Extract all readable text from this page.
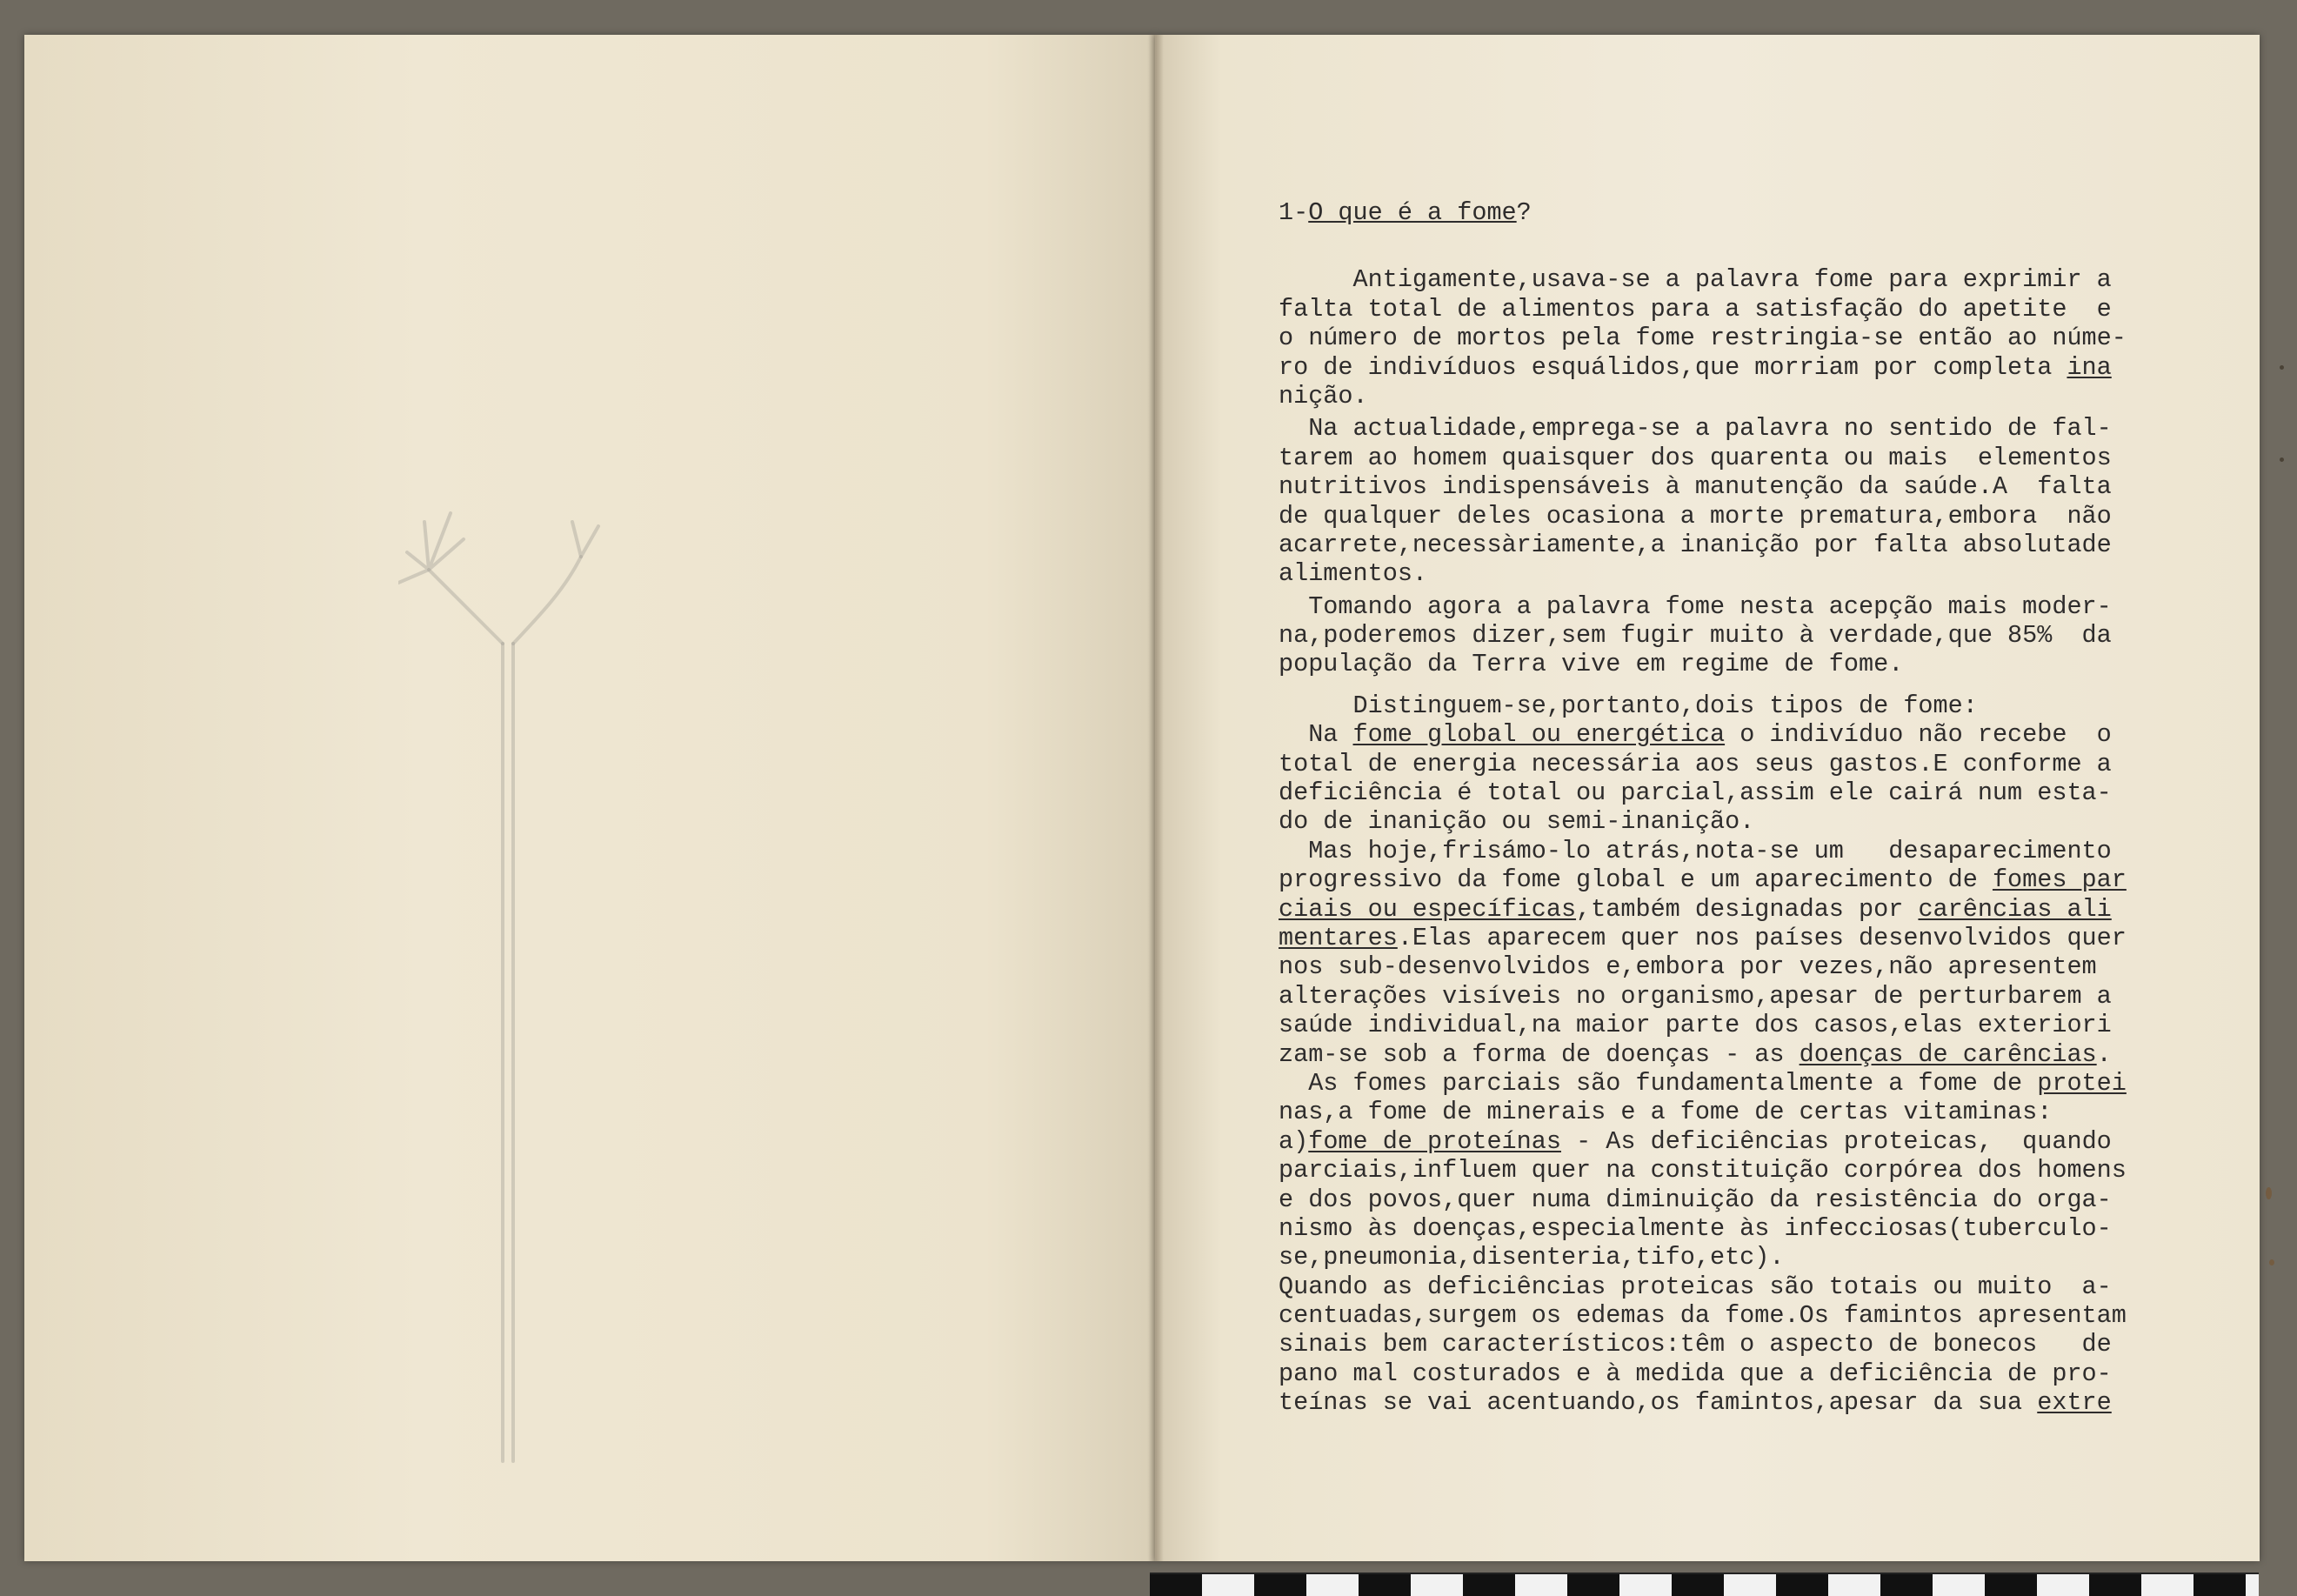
1-O que é a fome?
Antigamente,usava-se a palavra fome para exprimir a
falta total de alimentos para a satisfação do apetite  e
o número de mortos pela fome restringia-se então ao núme-
ro de indivíduos esquálidos,que morriam por completa ina
nição.
Na actualidade,emprega-se a palavra no sentido de fal-
tarem ao homem quaisquer dos quarenta ou mais  elementos
nutritivos indispensáveis à manutenção da saúde.A  falta
de qualquer deles ocasiona a morte prematura,embora  não
acarrete,necessàriamente,a inanição por falta absolutade
alimentos.
Tomando agora a palavra fome nesta acepção mais moder-
na,poderemos dizer,sem fugir muito à verdade,que 85%  da
população da Terra vive em regime de fome.
Distinguem-se,portanto,dois tipos de fome:
Na fome global ou energética o indivíduo não recebe  o
total de energia necessária aos seus gastos.E conforme a
deficiência é total ou parcial,assim ele cairá num esta-
do de inanição ou semi-inanição.
Mas hoje,frisámo-lo atrás,nota-se um   desaparecimento
progressivo da fome global e um aparecimento de fomes par
ciais ou específicas,também designadas por carências ali
mentares.Elas aparecem quer nos países desenvolvidos quer
nos sub-desenvolvidos e,embora por vezes,não apresentem
alterações visíveis no organismo,apesar de perturbarem a
saúde individual,na maior parte dos casos,elas exteriori
zam-se sob a forma de doenças - as doenças de carências.
As fomes parciais são fundamentalmente a fome de protei
nas,a fome de minerais e a fome de certas vitaminas:
a)fome de proteínas - As deficiências proteicas,  quando
parciais,influem quer na constituição corpórea dos homens
e dos povos,quer numa diminuição da resistência do orga-
nismo às doenças,especialmente às infecciosas(tuberculo-
se,pneumonia,disenteria,tifo,etc).
Quando as deficiências proteicas são totais ou muito  a-
centuadas,surgem os edemas da fome.Os famintos apresentam
sinais bem característicos:têm o aspecto de bonecos   de
pano mal costurados e à medida que a deficiência de pro-
teínas se vai acentuando,os famintos,apesar da sua extre
